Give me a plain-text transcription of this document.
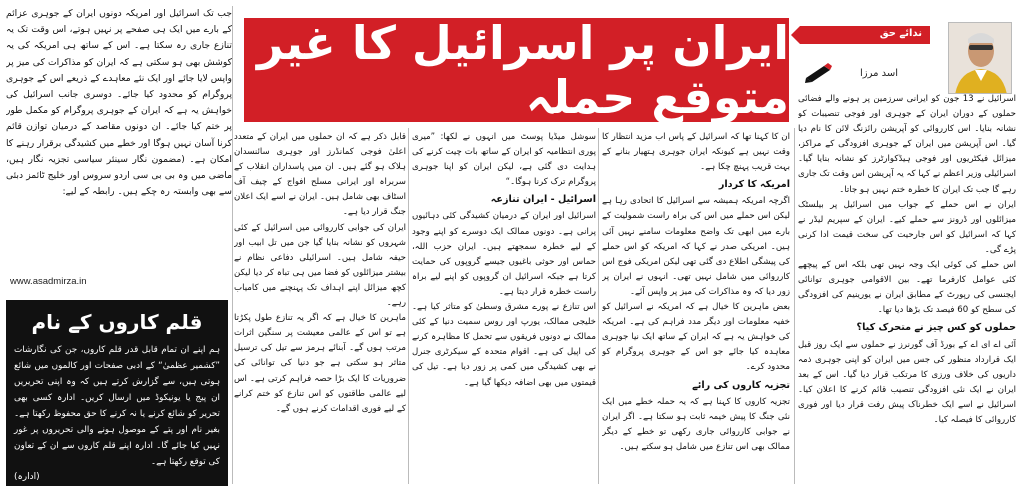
جب تک اسرائیل اور امریکہ دونوں ایران کے جوہری عزائم کے بارے میں ایک ہی صفحے پر نہیں ہوتے، اس وقت تک یہ تنازع جاری رہ سکتا ہے۔ اس کے ساتھ ہی امریکہ کی یہ کوشش بھی ہو سکتی ہے کہ ایران کو مذاکرات کی میز پر واپس لایا جائے اور ایک نئے معاہدے کے ذریعے اس کے جوہری پروگرام کو محدود کیا جائے۔ دوسری جانب اسرائیل کی خواہش یہ ہے کہ ایران کے جوہری پروگرام کو مکمل طور پر ختم کیا جائے۔ ان دونوں مقاصد کے درمیان توازن قائم کرنا آسان نہیں ہوگا اور خطے میں کشیدگی برقرار رہنے کا امکان ہے۔ (مضمون نگار سینئر سیاسی تجزیہ نگار ہیں، ماضی میں وہ بی بی سی اردو سروس اور خلیج ٹائمز دبئی سے بھی وابستہ رہ چکے ہیں۔ رابطہ کے لیے:

www.asadmirza.in
قلم کاروں کے نام
ہم اپنے ان تمام قابل قدر قلم کاروں، جن کی نگارشات ”کشمیر عظمیٰ“ کے ادبی صفحات اور کالموں میں شائع ہوتی ہیں، سے گزارش کرتے ہیں کہ وہ اپنی تحریریں ان پیج یا یونیکوڈ میں ارسال کریں۔ ادارہ کسی بھی تحریر کو شائع کرنے یا نہ کرنے کا حق محفوظ رکھتا ہے۔ بغیر نام اور پتے کے موصول ہونے والی تحریروں پر غور نہیں کیا جائے گا۔ ادارہ اپنے قلم کاروں سے ان کے تعاون کی توقع رکھتا ہے۔
(ادارہ)
ایران پر اسرائیل کا غیر متوقع حملہ
ندائے حق
اسد مرزا

اسرائیل نے 13 جون کو ایرانی سرزمین پر ہونے والے فضائی حملوں کے دوران ایران کے جوہری اور فوجی تنصیبات کو نشانہ بنایا۔ اس کارروائی کو آپریشن رائزنگ لائن کا نام دیا گیا۔ اس آپریشن میں ایران کے جوہری افزودگی کے مراکز، میزائل فیکٹریوں اور فوجی ہیڈکوارٹرز کو نشانہ بنایا گیا۔ اسرائیلی وزیر اعظم نے کہا کہ یہ آپریشن اس وقت تک جاری رہے گا جب تک ایران کا خطرہ ختم نہیں ہو جاتا۔

ایران نے اس حملے کے جواب میں اسرائیل پر بیلسٹک میزائلوں اور ڈرونز سے حملے کیے۔ ایران کے سپریم لیڈر نے کہا کہ اسرائیل کو اس جارحیت کی سخت قیمت ادا کرنی پڑے گی۔

اس حملے کی کوئی ایک وجہ نہیں تھی بلکہ اس کے پیچھے کئی عوامل کارفرما تھے۔ بین الاقوامی جوہری توانائی ایجنسی کی رپورٹ کے مطابق ایران نے یورینیم کی افزودگی کی سطح کو 60 فیصد تک بڑھا دیا تھا۔

حملوں کو کس چیز نے متحرک کیا؟

آئی اے ای اے کے بورڈ آف گورنرز نے حملوں سے ایک روز قبل ایک قرارداد منظور کی جس میں ایران کو اپنی جوہری ذمہ داریوں کی خلاف ورزی کا مرتکب قرار دیا گیا۔ اس کے بعد ایران نے ایک نئی افزودگی تنصیب قائم کرنے کا اعلان کیا۔ اسرائیل نے اسے ایک خطرناک پیش رفت قرار دیا اور فوری کارروائی کا فیصلہ کیا۔

ان کا کہنا تھا کہ اسرائیل کے پاس اب مزید انتظار کا وقت نہیں ہے کیونکہ ایران جوہری ہتھیار بنانے کے بہت قریب پہنچ چکا ہے۔

امریکہ کا کردار

اگرچہ امریکہ ہمیشہ سے اسرائیل کا اتحادی رہا ہے لیکن اس حملے میں اس کی براہ راست شمولیت کے بارے میں ابھی تک واضح معلومات سامنے نہیں آئی ہیں۔ امریکی صدر نے کہا کہ امریکہ کو اس حملے کی پیشگی اطلاع دی گئی تھی لیکن امریکی فوج اس کارروائی میں شامل نہیں تھی۔ انہوں نے ایران پر زور دیا کہ وہ مذاکرات کی میز پر واپس آئے۔

بعض ماہرین کا خیال ہے کہ امریکہ نے اسرائیل کو خفیہ معلومات اور دیگر مدد فراہم کی ہے۔ امریکہ کی خواہش یہ ہے کہ ایران کے ساتھ ایک نیا جوہری معاہدہ کیا جائے جو اس کے جوہری پروگرام کو محدود کرے۔

تجزیہ کاروں کی رائے

تجزیہ کاروں کا کہنا ہے کہ یہ حملہ خطے میں ایک نئی جنگ کا پیش خیمہ ثابت ہو سکتا ہے۔ اگر ایران نے جوابی کارروائی جاری رکھی تو خطے کے دیگر ممالک بھی اس تنازع میں شامل ہو سکتے ہیں۔

سوشل میڈیا پوسٹ میں انہوں نے لکھا: ”میری پوری انتظامیہ کو ایران کے ساتھ بات چیت کرنے کی ہدایت دی گئی ہے، لیکن ایران کو اپنا جوہری پروگرام ترک کرنا ہوگا۔“

اسرائیل - ایران تنازعہ

اسرائیل اور ایران کے درمیان کشیدگی کئی دہائیوں پرانی ہے۔ دونوں ممالک ایک دوسرے کو اپنے وجود کے لیے خطرہ سمجھتے ہیں۔ ایران حزب اللہ، حماس اور حوثی باغیوں جیسے گروپوں کی حمایت کرتا ہے جبکہ اسرائیل ان گروپوں کو اپنے لیے براہ راست خطرہ قرار دیتا ہے۔

اس تنازع نے پورے مشرق وسطیٰ کو متاثر کیا ہے۔ خلیجی ممالک، یورپ اور روس سمیت دنیا کے کئی ممالک نے دونوں فریقوں سے تحمل کا مظاہرہ کرنے کی اپیل کی ہے۔ اقوام متحدہ کے سیکرٹری جنرل نے بھی کشیدگی میں کمی پر زور دیا ہے۔ تیل کی قیمتوں میں بھی اضافہ دیکھا گیا ہے۔

قابل ذکر ہے کہ ان حملوں میں ایران کے متعدد اعلیٰ فوجی کمانڈرز اور جوہری سائنسدان ہلاک ہو گئے ہیں۔ ان میں پاسداران انقلاب کے سربراہ اور ایرانی مسلح افواج کے چیف آف اسٹاف بھی شامل ہیں۔ ایران نے اسے ایک اعلان جنگ قرار دیا ہے۔

ایران کی جوابی کارروائی میں اسرائیل کے کئی شہروں کو نشانہ بنایا گیا جن میں تل ابیب اور حیفہ شامل ہیں۔ اسرائیلی دفاعی نظام نے بیشتر میزائلوں کو فضا میں ہی تباہ کر دیا لیکن کچھ میزائل اپنے اہداف تک پہنچنے میں کامیاب رہے۔

ماہرین کا خیال ہے کہ اگر یہ تنازع طول پکڑتا ہے تو اس کے عالمی معیشت پر سنگین اثرات مرتب ہوں گے۔ آبنائے ہرمز سے تیل کی ترسیل متاثر ہو سکتی ہے جو دنیا کی توانائی کی ضروریات کا ایک بڑا حصہ فراہم کرتی ہے۔ اس لیے عالمی طاقتوں کو اس تنازع کو ختم کرانے کے لیے فوری اقدامات کرنے ہوں گے۔
